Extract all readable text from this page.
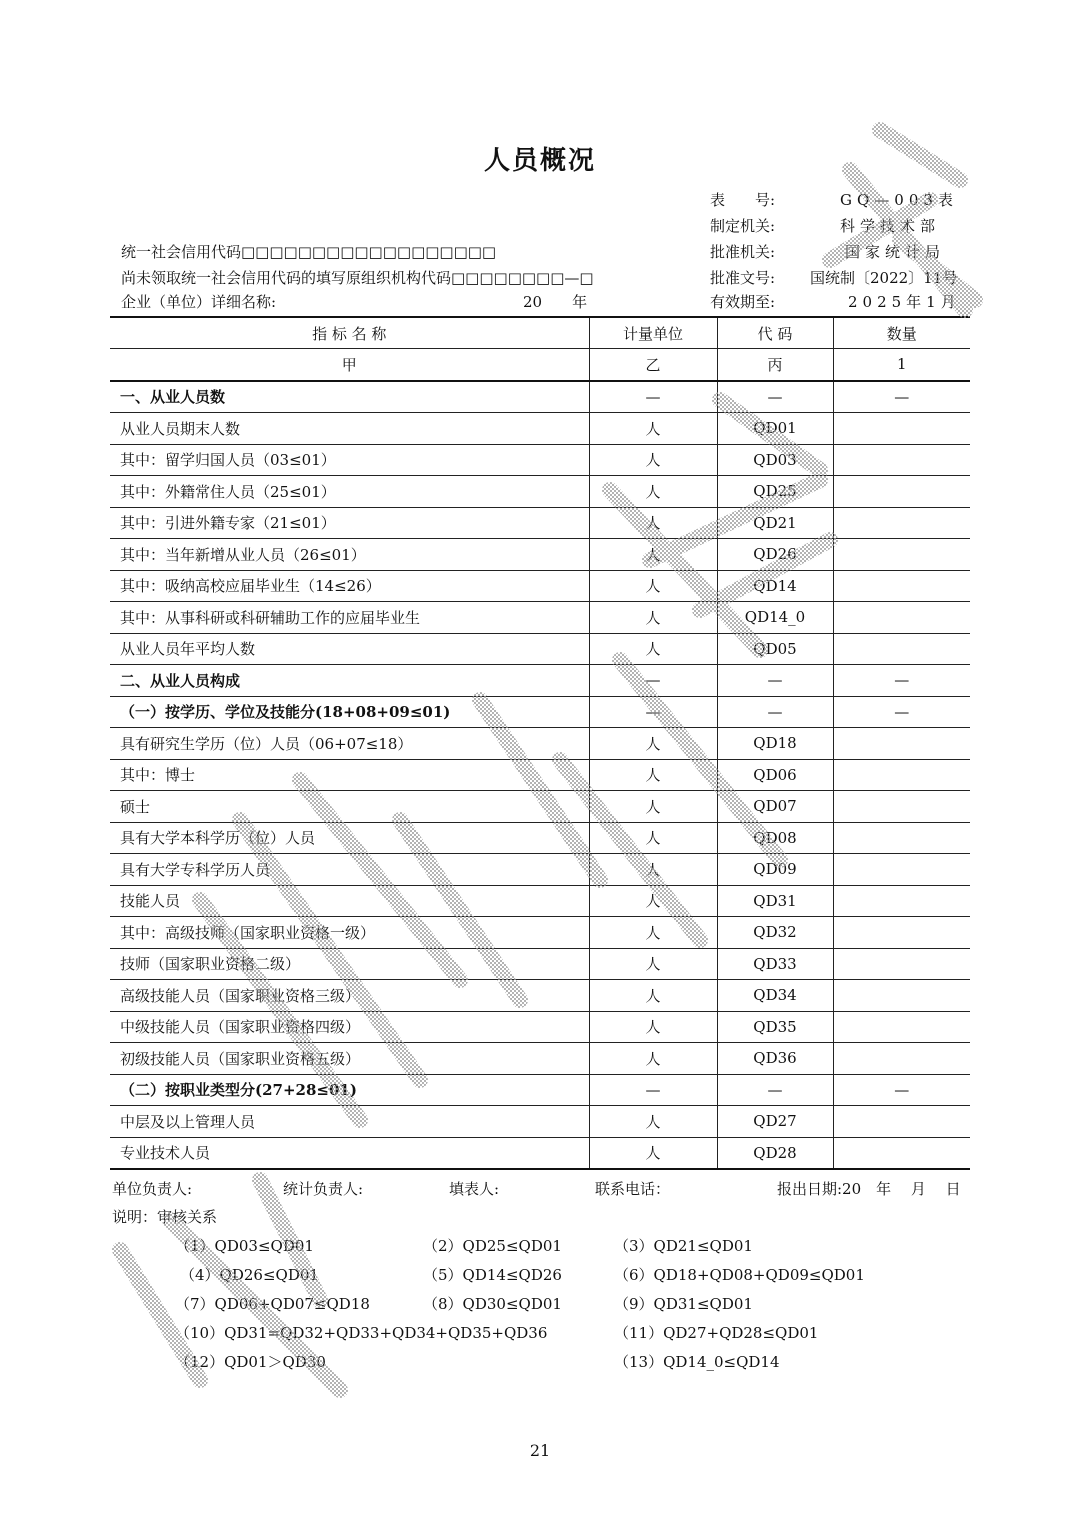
人员概况
表　　号:	GQ—003表
制定机关:	科学技术部
批准机关:	国家统计局
批准文号: 国统制〔2022〕11号
有效期至:	2025年1月
统一社会信用代码□□□□□□□□□□□□□□□□□□
尚未领取统一社会信用代码的填写原组织机构代码□□□□□□□□—□
企业（单位）详细名称:	20　　年
指 标 名 称	计量单位	代 码	数量
甲	乙	丙	1
一、从业人员数	—	—	—
从业人员期末人数	人	QD01	
其中：留学归国人员（03≤01）	人	QD03	
其中：外籍常住人员（25≤01）	人	QD25	
其中：引进外籍专家（21≤01）	人	QD21	
其中：当年新增从业人员（26≤01）	人	QD26	
其中：吸纳高校应届毕业生（14≤26）	人	QD14	
其中：从事科研或科研辅助工作的应届毕业生	人	QD14_0	
从业人员年平均人数	人	QD05	
二、从业人员构成	—	—	—
（一）按学历、学位及技能分(18+08+09≤01)	—	—	—
具有研究生学历（位）人员（06+07≤18）	人	QD18	
其中：博士	人	QD06	
硕士	人	QD07	
具有大学本科学历（位）人员	人	QD08	
具有大学专科学历人员	人	QD09	
技能人员	人	QD31	
其中：高级技师（国家职业资格一级）	人	QD32	
技师（国家职业资格二级）	人	QD33	
高级技能人员（国家职业资格三级）	人	QD34	
中级技能人员（国家职业资格四级）	人	QD35	
初级技能人员（国家职业资格五级）	人	QD36	
（二）按职业类型分(27+28≤01)	—	—	—
中层及以上管理人员	人	QD27	
专业技术人员	人	QD28	
单位负责人:	统计负责人:	填表人:	联系电话：	报出日期:20　年　 月　 日
说明：审核关系
（1）QD03≤QD01	（2）QD25≤QD01	（3）QD21≤QD01
（4）QD26≤QD01	（5）QD14≤QD26	（6）QD18+QD08+QD09≤QD01
（7）QD06+QD07≤QD18	（8）QD30≤QD01	（9）QD31≤QD01
（10）QD31=QD32+QD33+QD34+QD35+QD36	（11）QD27+QD28≤QD01
（12）QD01＞QD30	（13）QD14_0≤QD14
21
